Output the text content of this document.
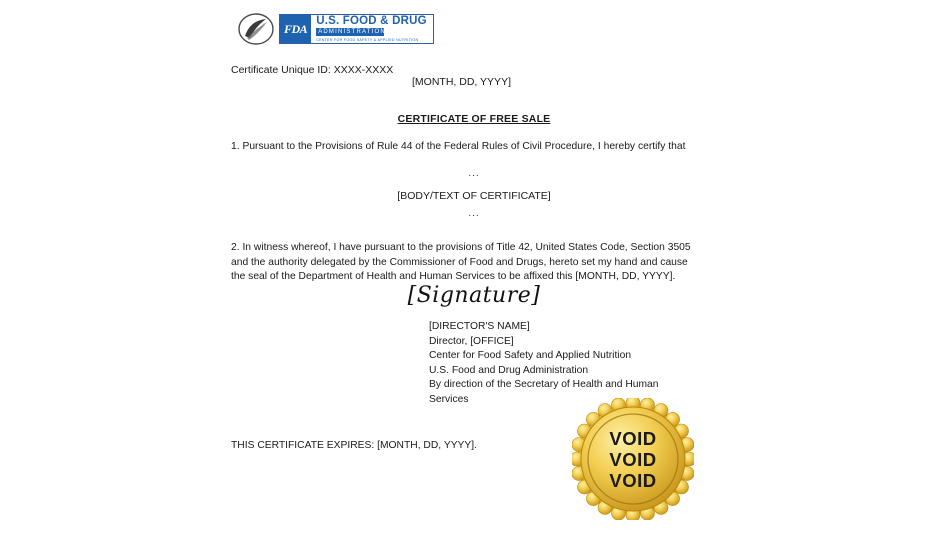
FDA
U.S. FOOD & DRUG
ADMINISTRATION
CENTER FOR FOOD SAFETY & APPLIED NUTRITION
Certificate Unique ID: XXXX-XXXX
[MONTH, DD, YYYY]
CERTIFICATE OF FREE SALE
1. Pursuant to the Provisions of Rule 44 of the Federal Rules of Civil Procedure, I hereby certify that
...
[BODY/TEXT OF CERTIFICATE]
...
2. In witness whereof, I have pursuant to the provisions of Title 42, United States Code, Section 3505 and the authority delegated by the Commissioner of Food and Drugs, hereto set my hand and cause the seal of the Department of Health and Human Services to be affixed this [MONTH, DD, YYYY].
[Signature]
[DIRECTOR'S NAME]
Director, [OFFICE]
Center for Food Safety and Applied Nutrition
U.S. Food and Drug Administration
By direction of the Secretary of Health and Human
Services
THIS CERTIFICATE EXPIRES: [MONTH, DD, YYYY].	VOID
VOID
VOID
